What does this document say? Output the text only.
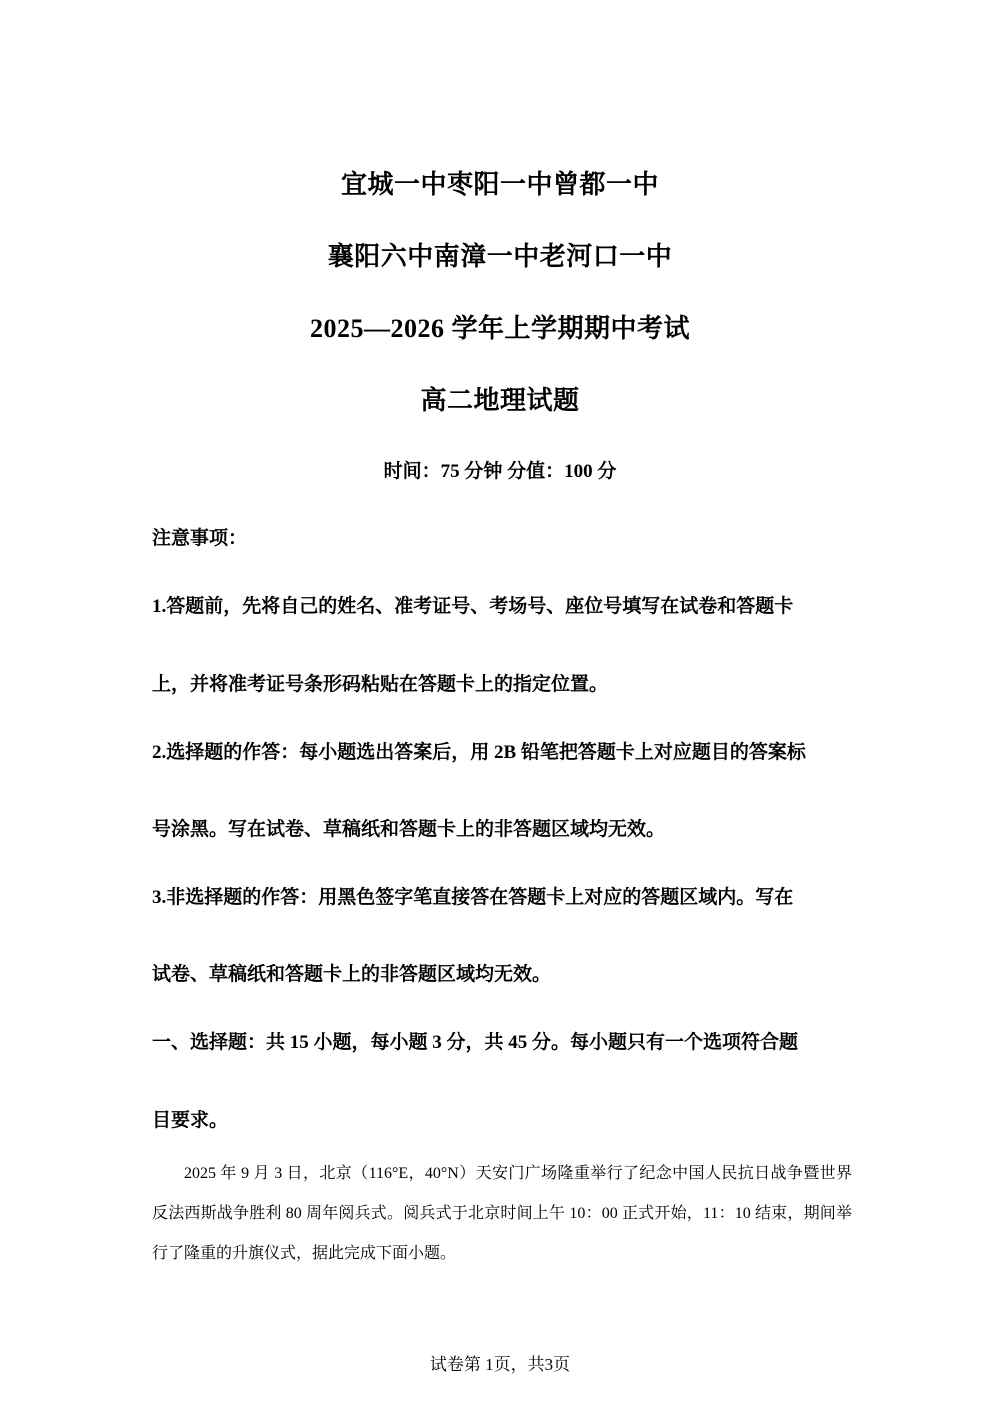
宜城一中枣阳一中曾都一中
襄阳六中南漳一中老河口一中
2025—2026 学年上学期期中考试
高二地理试题
时间：75 分钟 分值：100 分
注意事项：
1.答题前，先将自己的姓名、准考证号、考场号、座位号填写在试卷和答题卡
上，并将准考证号条形码粘贴在答题卡上的指定位置。
2.选择题的作答：每小题选出答案后，用 2B 铅笔把答题卡上对应题目的答案标
号涂黑。写在试卷、草稿纸和答题卡上的非答题区域均无效。
3.非选择题的作答：用黑色签字笔直接答在答题卡上对应的答题区域内。写在
试卷、草稿纸和答题卡上的非答题区域均无效。
一、选择题：共 15 小题，每小题 3 分，共 45 分。每小题只有一个选项符合题
目要求。
2025 年 9 月 3 日，北京（116°E，40°N）天安门广场隆重举行了纪念中国人民抗日战争暨世界反法西斯战争胜利 80 周年阅兵式。阅兵式于北京时间上午 10：00 正式开始，11：10 结束，期间举行了隆重的升旗仪式，据此完成下面小题。
试卷第 1页，共3页
